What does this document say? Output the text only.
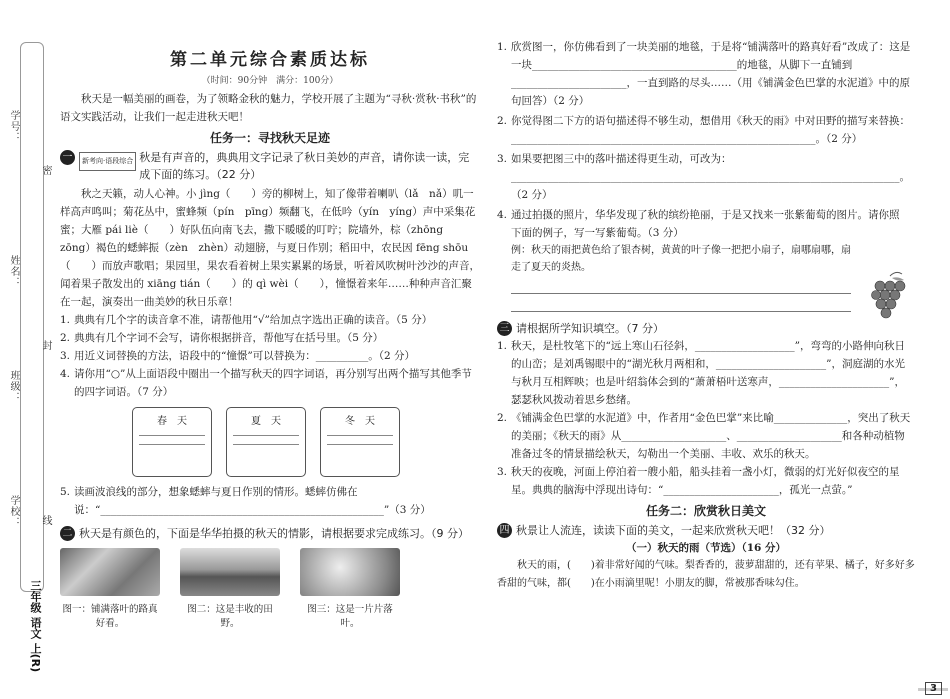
学号：
姓名：
班级：
学校：
密
封
线
三年级 语文 上(R)
第二单元综合素质达标
（时间：90分钟　满分：100分）

秋天是一幅美丽的画卷，为了领略金秋的魅力，学校开展了主题为“寻秋·赏秋·书秋”的语文实践活动，让我们一起走进秋天吧！

任务一：寻找秋天足迹
一	新考向·语段综合 秋是有声音的，典典用文字记录了秋日美妙的声音，请你读一读，完成下面的练习。（22 分）

秋之天籁，动人心神。小 jìng（　　）旁的柳树上，知了像带着喇叭（lǎ　nǎ）叽一样高声鸣叫；菊花丛中，蜜蜂频（pín　pīng）频翻飞，在低吟（yín　yíng）声中采集花蜜；大雁 pái liè（　　）好队伍向南飞去，撒下暖暖的叮咛；院墙外，棕（zhōng　zōng）褐色的蟋蟀振（zèn　zhèn）动翅膀，与夏日作别；稻田中，农民因 fēng shōu（　　）而放声歌唱；果园里，果农看着树上果实累累的场景，听着风吹树叶沙沙的声音，闻着果子散发出的 xiāng tián（　　）的 qì wèi（　　），憧憬着来年……种种声音汇聚在一起，演奏出一曲美妙的秋日乐章！

1. 典典有几个字的读音拿不准，请帮他用“√”给加点字选出正确的读音。（5 分）
2. 典典有几个字词不会写，请你根据拼音，帮他写在括号里。（5 分）
3. 用近义词替换的方法，语段中的“憧憬”可以替换为：__________。（2 分）
4. 请你用“○”从上面语段中圈出一个描写秋天的四字词语，再分别写出两个描写其他季节的四字词语。（7 分）
春　天	夏　天	冬　天
5. 读画波浪线的部分，想象蟋蟀与夏日作别的情形。蟋蟀仿佛在说：“______________________________________________________”（3 分）
二 秋天是有颜色的，下面是华华拍摄的秋天的情影，请根据要求完成练习。（9 分）
图一：铺满落叶的路真好看。
图二：这是丰收的田野。
图三：这是一片片落叶。
1. 欣赏图一，你仿佛看到了一块美丽的地毯，于是将“铺满落叶的路真好看”改成了：这是一块_______________________________________的地毯，从脚下一直铺到______________________，一直到路的尽头……（用《铺满金色巴掌的水泥道》中的原句回答）（2 分）
2. 你觉得图二下方的语句描述得不够生动，想借用《秋天的雨》中对田野的描写来替换：__________________________________________________________。（2 分）
3. 如果要把图三中的落叶描述得更生动，可改为：__________________________________________________________________________。（2 分）
4. 通过拍摄的照片，华华发现了秋的缤纷艳丽，于是又找来一张紫葡萄的图片。请你照下面的例子，写一写紫葡萄。（3 分）

例：秋天的雨把黄色给了银杏树，黄黄的叶子像一把把小扇子，扇哪扇哪，扇走了夏天的炎热。

三 请根据所学知识填空。（7 分）
1. 秋天，是杜牧笔下的“远上寒山石径斜，___________________”，弯弯的小路伸向秋日的山峦；是刘禹锡眼中的“湖光秋月两相和，_____________________”，洞庭湖的水光与秋月互相辉映；也是叶绍翁体会到的“萧萧梧叶送寒声，_____________________”，瑟瑟秋风拨动着思乡愁绪。
2. 《铺满金色巴掌的水泥道》中，作者用“金色巴掌”来比喻______________，突出了秋天的美丽；《秋天的雨》从____________________、____________________和各种动植物准备过冬的情景描绘秋天，勾勒出一个美丽、丰收、欢乐的秋天。
3. 秋天的夜晚，河面上停泊着一艘小船，船头挂着一盏小灯，微弱的灯光好似夜空的星星。典典的脑海中浮现出诗句：“______________________，孤光一点萤。”
任务二：欣赏秋日美文
四 秋景让人流连，读读下面的美文，一起来欣赏秋天吧！（32 分）
（一）秋天的雨（节选）（16 分）

秋天的雨，(　　)着非常好闻的气味。梨香香的，菠萝甜甜的，还有苹果、橘子，好多好多香甜的气味，都(　　)在小雨滴里呢！小朋友的脚，常被那香味勾住。

3
